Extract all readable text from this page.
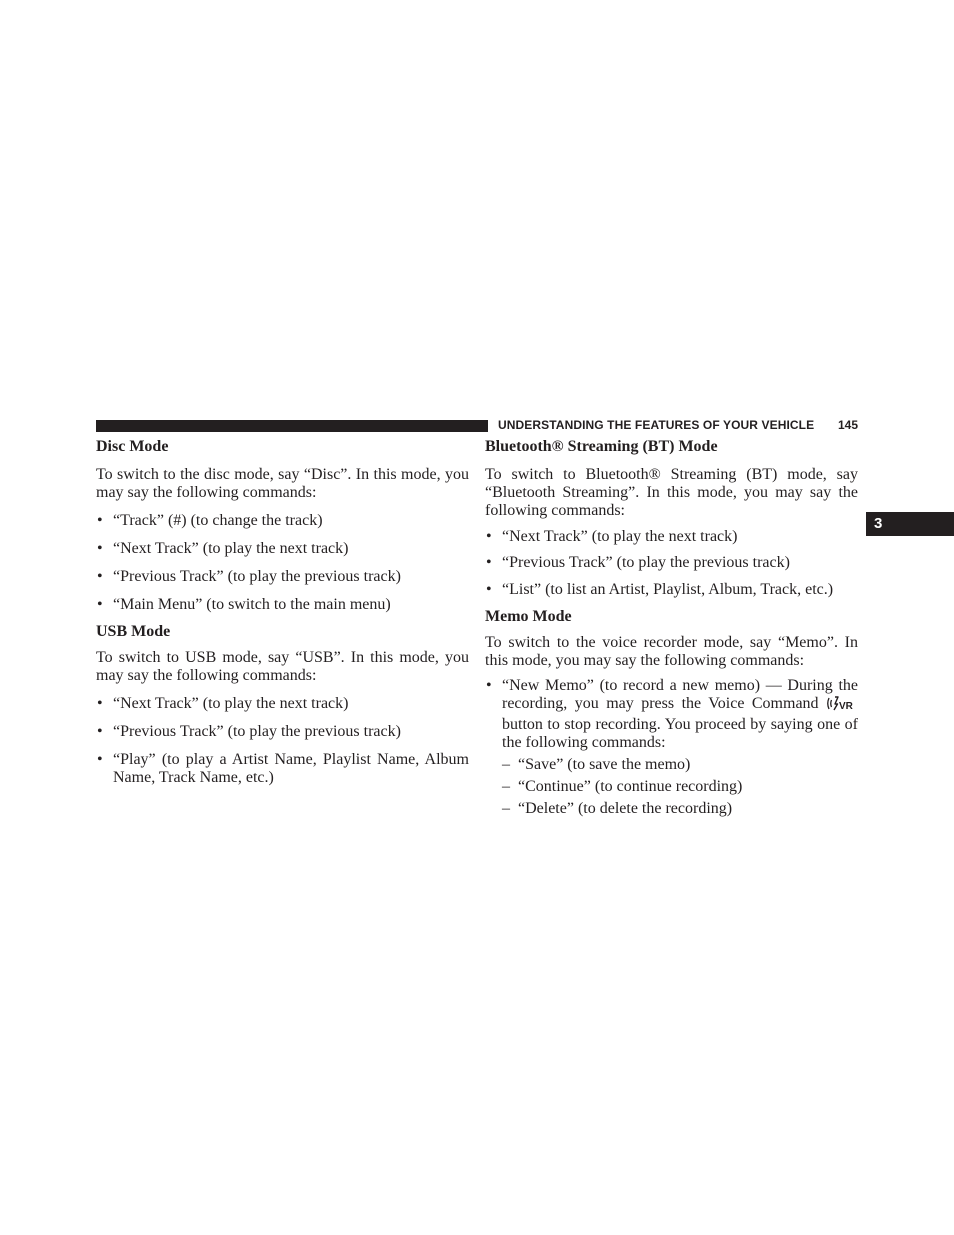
UNDERSTANDING THE FEATURES OF YOUR VEHICLE 145
3
Disc Mode

To switch to the disc mode, say “Disc”. In this mode, you may say the following commands:

• “Track” (#) (to change the track)
• “Next Track” (to play the next track)
• “Previous Track” (to play the previous track)
• “Main Menu” (to switch to the main menu)
USB Mode

To switch to USB mode, say “USB”. In this mode, you may say the following commands:

• “Next Track” (to play the next track)
• “Previous Track” (to play the previous track)
• “Play” (to play a Artist Name, Playlist Name, Album Name, Track Name, etc.)
Bluetooth® Streaming (BT) Mode

To switch to Bluetooth® Streaming (BT) mode, say “Bluetooth Streaming”. In this mode, you may say the following commands:

• “Next Track” (to play the next track)
• “Previous Track” (to play the previous track)
• “List” (to list an Artist, Playlist, Album, Track, etc.)
Memo Mode

To switch to the voice recorder mode, say “Memo”. In this mode, you may say the following commands:

• “New Memo” (to record a new memo) — During the recording, you may press the Voice Command VR
button to stop recording. You proceed by saying one of the following commands:
– “Save” (to save the memo)
– “Continue” (to continue recording)
– “Delete” (to delete the recording)
